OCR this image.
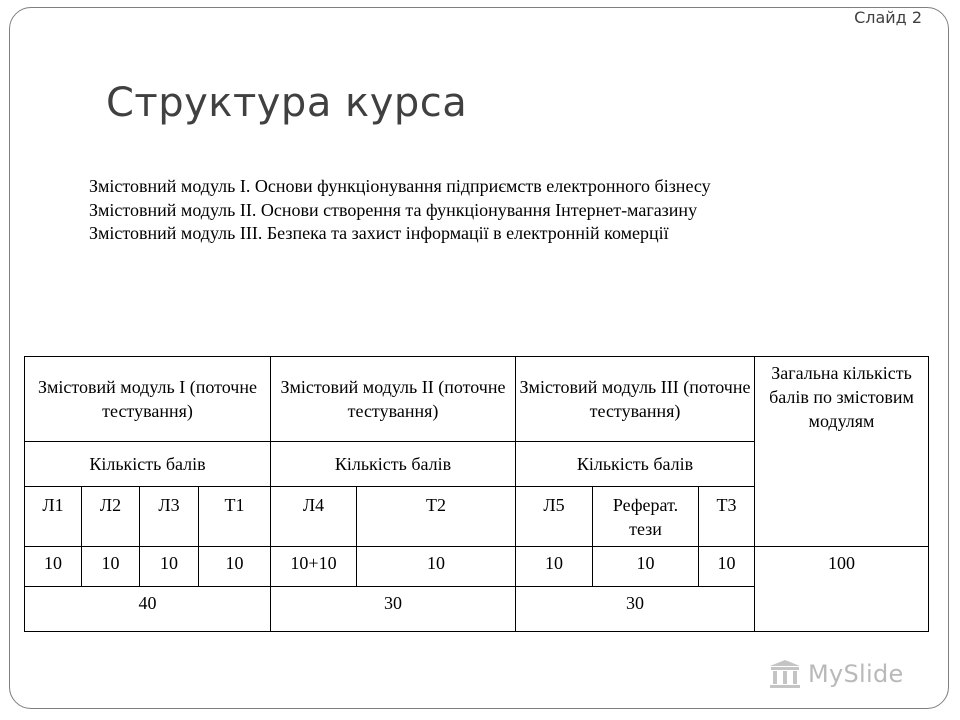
Слайд 2
Структура курса

Змістовний модуль І. Основи функціонування підприємств електронного бізнесу

Змістовний модуль ІІ. Основи створення та функціонування Інтернет-магазину

Змістовний модуль ІІІ. Безпека та захист інформації в електронній комерції

Змістовий модуль І (поточне тестування)				Змістовий модуль ІІ (поточне тестування)		Змістовий модуль ІІІ (поточне тестування)			Загальна кількість балів по змістовим модулям
Кількість балів				Кількість балів		Кількість балів			
Л1	Л2	Л3	Т1	Л4	Т2	Л5	Реферат. тези	Т3	
10	10	10	10	10+10	10	10	10	10	100
40				30		30			
MySlide
